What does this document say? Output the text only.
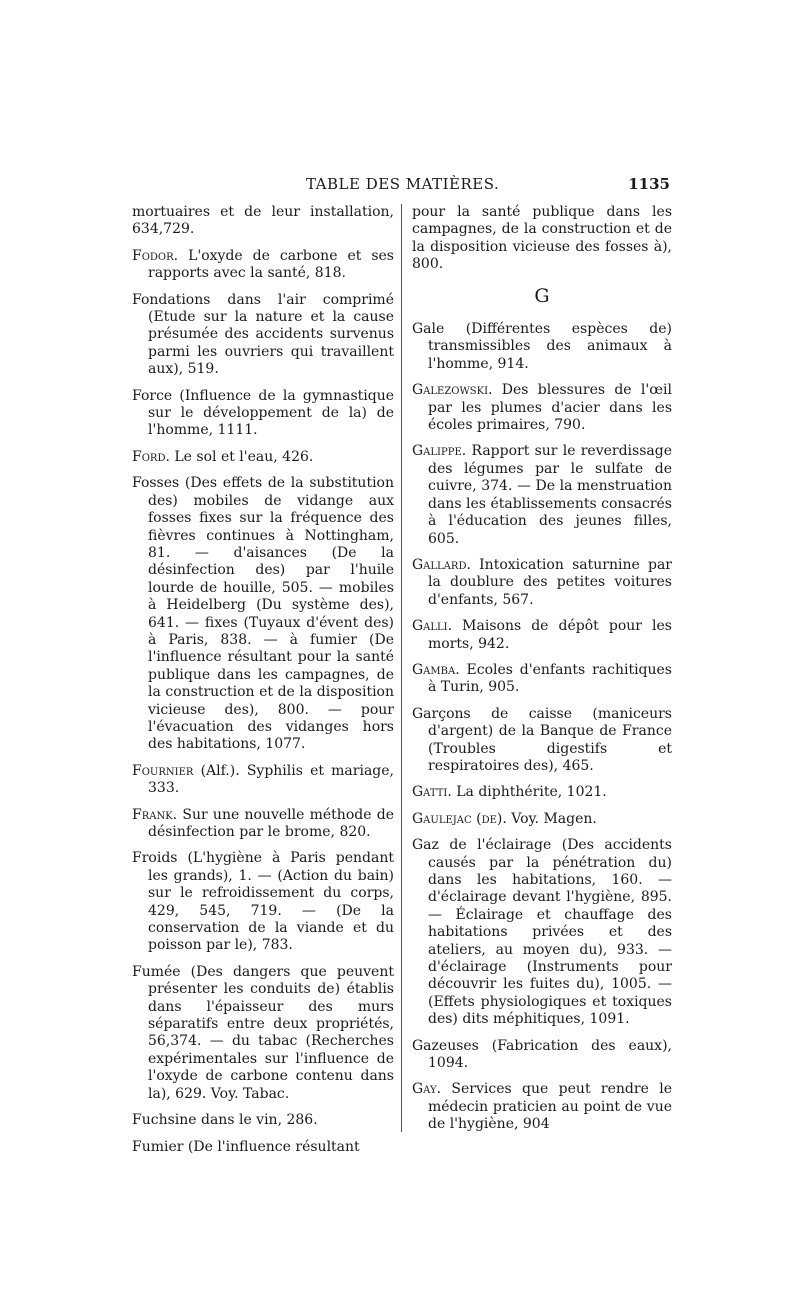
TABLE DES MATIÈRES.	1135
mortuaires et de leur installation, 634,729.
Fodor. L'oxyde de carbone et ses rapports avec la santé, 818.
Fondations dans l'air comprimé (Etude sur la nature et la cause présumée des accidents survenus parmi les ouvriers qui travaillent aux), 519.
Force (Influence de la gymnastique sur le développement de la) de l'homme, 1111.
Ford. Le sol et l'eau, 426.
Fosses (Des effets de la substitution des) mobiles de vidange aux fosses fixes sur la fréquence des fièvres continues à Nottingham, 81. — d'aisances (De la désinfection des) par l'huile lourde de houille, 505. — mobiles à Heidelberg (Du système des), 641. — fixes (Tuyaux d'évent des) à Paris, 838. — à fumier (De l'influence résultant pour la santé publique dans les campagnes, de la construction et de la disposition vicieuse des), 800. — pour l'évacuation des vidanges hors des habitations, 1077.
Fournier (Alf.). Syphilis et mariage, 333.
Frank. Sur une nouvelle méthode de désinfection par le brome, 820.
Froids (L'hygiène à Paris pendant les grands), 1. — (Action du bain) sur le refroidissement du corps, 429, 545, 719. — (De la conservation de la viande et du poisson par le), 783.
Fumée (Des dangers que peuvent présenter les conduits de) établis dans l'épaisseur des murs séparatifs entre deux propriétés, 56,374. — du tabac (Recherches expérimentales sur l'influence de l'oxyde de carbone contenu dans la), 629. Voy. Tabac.
Fuchsine dans le vin, 286.
Fumier (De l'influence résultant
pour la santé publique dans les campagnes, de la construction et de la disposition vicieuse des fosses à), 800.
G
Gale (Différentes espèces de) transmissibles des animaux à l'homme, 914.
Galezowski. Des blessures de l'œil par les plumes d'acier dans les écoles primaires, 790.
Galippe. Rapport sur le reverdissage des légumes par le sulfate de cuivre, 374. — De la menstruation dans les établissements consacrés à l'éducation des jeunes filles, 605.
Gallard. Intoxication saturnine par la doublure des petites voitures d'enfants, 567.
Galli. Maisons de dépôt pour les morts, 942.
Gamba. Ecoles d'enfants rachitiques à Turin, 905.
Garçons de caisse (maniceurs d'argent) de la Banque de France (Troubles digestifs et respiratoires des), 465.
Gatti. La diphthérite, 1021.
Gaulejac (de). Voy. Magen.
Gaz de l'éclairage (Des accidents causés par la pénétration du) dans les habitations, 160. — d'éclairage devant l'hygiène, 895. — Éclairage et chauffage des habitations privées et des ateliers, au moyen du), 933. — d'éclairage (Instruments pour découvrir les fuites du), 1005. — (Effets physiologiques et toxiques des) dits méphitiques, 1091.
Gazeuses (Fabrication des eaux), 1094.
Gay. Services que peut rendre le médecin praticien au point de vue de l'hygiène, 904
